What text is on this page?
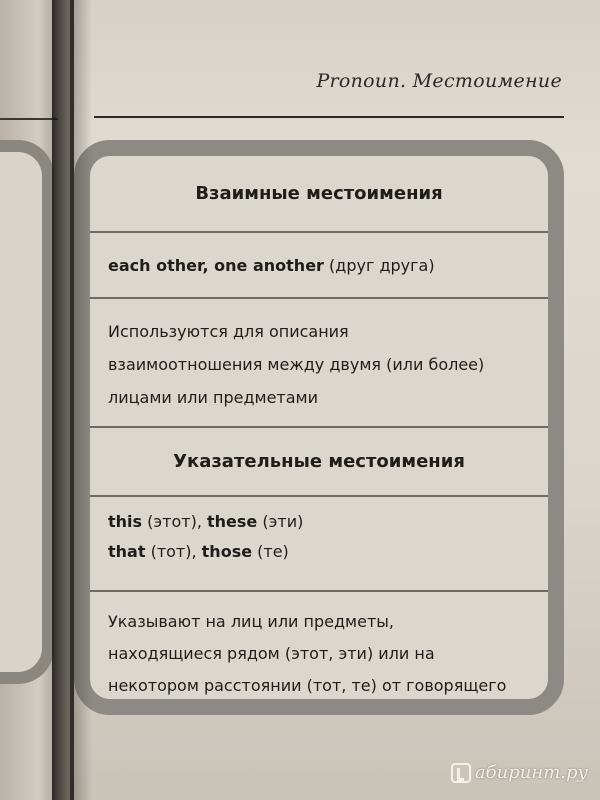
Pronoun. Местоимение
Взаимные местоимения
each other, one another (друг друга)
Используются для описания
взаимоотношения между двумя (или более)
лицами или предметами
Указательные местоимения
this (этот), these (эти)
that (тот), those (те)
Указывают на лиц или предметы,
находящиеся рядом (этот, эти) или на
некотором расстоянии (тот, те) от говорящего
абиринт.ру
